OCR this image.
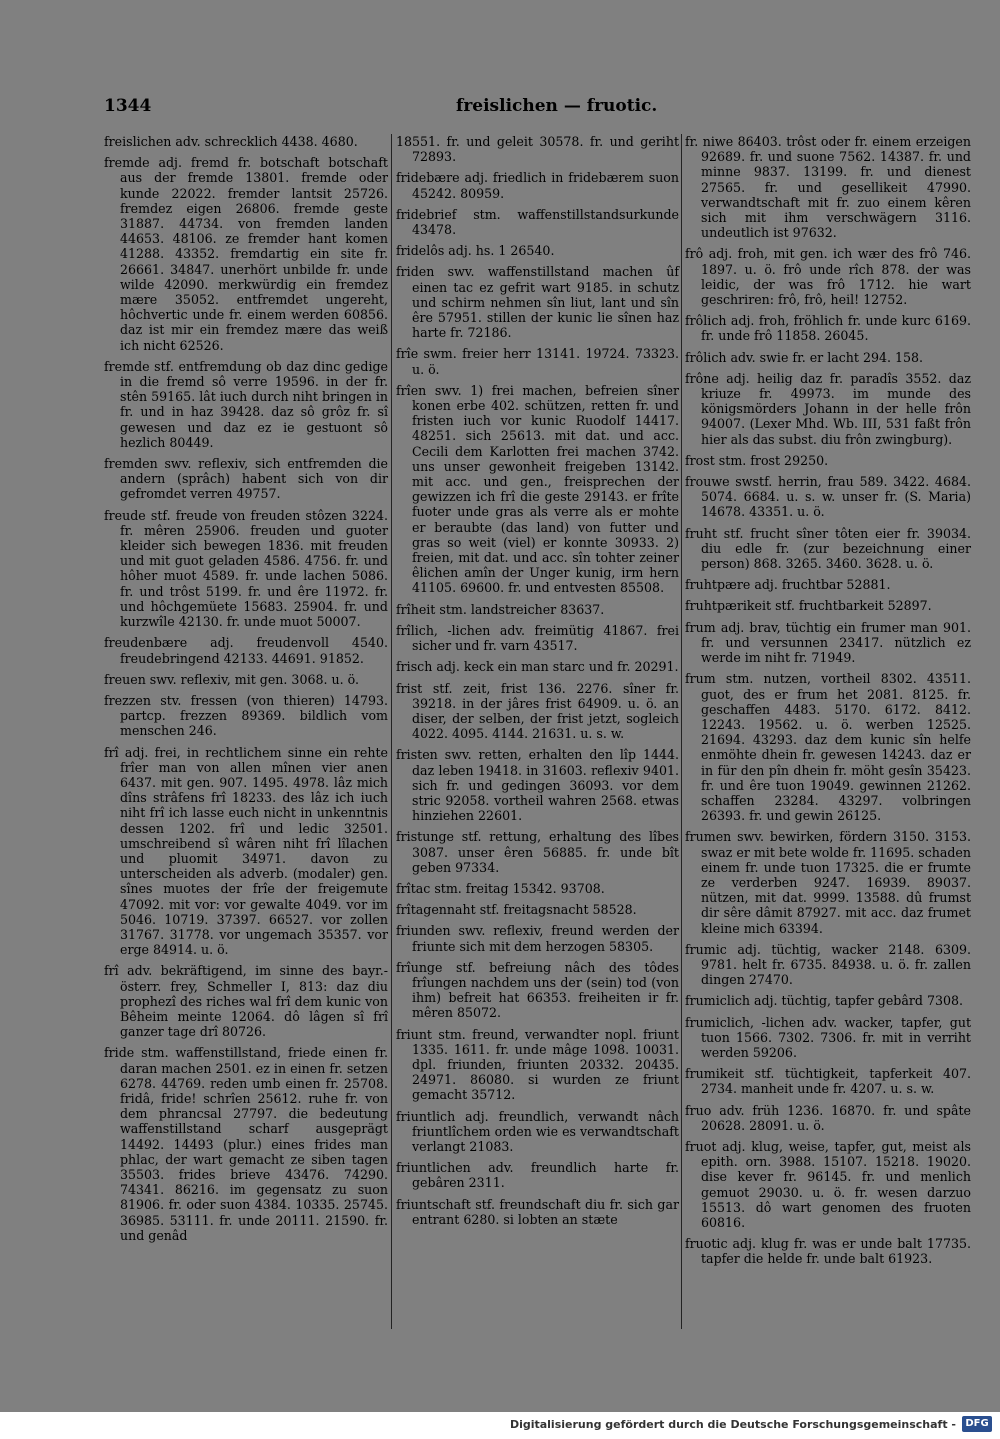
1344	freislichen — fruotic.

freislichen adv. schrecklich 4438. 4680.

fremde adj. fremd fr. botschaft botschaft aus der fremde 13801. fremde oder kunde 22022. fremder lantsit 25726. fremdez eigen 26806. fremde geste 31887. 44734. von fremden landen 44653. 48106. ze fremder hant komen 41288. 43352. fremdartig ein site fr. 26661. 34847. unerhört unbilde fr. unde wilde 42090. merkwürdig ein fremdez mære 35052. entfremdet ungereht, hôchvertic unde fr. einem werden 60856. daz ist mir ein fremdez mære das weiß ich nicht 62526.

fremde stf. entfremdung ob daz dinc gedige in die fremd sô verre 19596. in der fr. stên 59165. lât iuch durch niht bringen in fr. und in haz 39428. daz sô grôz fr. sî gewesen und daz ez ie gestuont sô hezlich 80449.

fremden swv. reflexiv, sich entfremden die andern (sprâch) habent sich von dir gefromdet verren 49757.

freude stf. freude von freuden stôzen 3224. fr. mêren 25906. freuden und guoter kleider sich bewegen 1836. mit freuden und mit guot geladen 4586. 4756. fr. und hôher muot 4589. fr. unde lachen 5086. fr. und trôst 5199. fr. und êre 11972. fr. und hôchgemüete 15683. 25904. fr. und kurzwîle 42130. fr. unde muot 50007.

freudenbære adj. freudenvoll 4540. freudebringend 42133. 44691. 91852.

freuen swv. reflexiv, mit gen. 3068. u. ö.

frezzen stv. fressen (von thieren) 14793. partcp. frezzen 89369. bildlich vom menschen 246.

frî adj. frei, in rechtlichem sinne ein rehte frîer man von allen mînen vier anen 6437. mit gen. 907. 1495. 4978. lâz mich dîns strâfens frî 18233. des lâz ich iuch niht frî ich lasse euch nicht in unkenntnis dessen 1202. frî und ledic 32501. umschreibend sî wâren niht frî lîlachen und pluomit 34971. davon zu unterscheiden als adverb. (modaler) gen. sînes muotes der frîe der freigemute 47092. mit vor: vor gewalte 4049. vor im 5046. 10719. 37397. 66527. vor zollen 31767. 31778. vor ungemach 35357. vor erge 84914. u. ö.

frî adv. bekräftigend, im sinne des bayr.-österr. frey, Schmeller I, 813: daz diu prophezî des riches wal frî dem kunic von Bêheim meinte 12064. dô lâgen sî frî ganzer tage drî 80726.

fride stm. waffenstillstand, friede einen fr. daran machen 2501. ez in einen fr. setzen 6278. 44769. reden umb einen fr. 25708. fridâ, fride! schrîen 25612. ruhe fr. von dem phrancsal 27797. die bedeutung waffenstillstand scharf ausgeprägt 14492. 14493 (plur.) eines frides man phlac, der wart gemacht ze siben tagen 35503. frides brieve 43476. 74290. 74341. 86216. im gegensatz zu suon 81906. fr. oder suon 4384. 10335. 25745. 36985. 53111. fr. unde 20111. 21590. fr. und genâd

18551. fr. und geleit 30578. fr. und geriht 72893.

fridebære adj. friedlich in fridebærem suon 45242. 80959.

fridebrief stm. waffenstillstandsurkunde 43478.

fridelôs adj. hs. 1 26540.

friden swv. waffenstillstand machen ûf einen tac ez gefrit wart 9185. in schutz und schirm nehmen sîn liut, lant und sîn êre 57951. stillen der kunic lie sînen haz harte fr. 72186.

frîe swm. freier herr 13141. 19724. 73323. u. ö.

frîen swv. 1) frei machen, befreien sîner konen erbe 402. schützen, retten fr. und fristen iuch vor kunic Ruodolf 14417. 48251. sich 25613. mit dat. und acc. Cecili dem Karlotten frei machen 3742. uns unser gewonheit freigeben 13142. mit acc. und gen., freisprechen der gewizzen ich frî die geste 29143. er frîte fuoter unde gras als verre als er mohte er beraubte (das land) von futter und gras so weit (viel) er konnte 30933. 2) freien, mit dat. und acc. sîn tohter zeiner êlichen amîn der Unger kunig, irm hern 41105. 69600. fr. und entvesten 85508.

frîheit stm. landstreicher 83637.

frîlich, -lichen adv. freimütig 41867. frei sicher und fr. varn 43517.

frisch adj. keck ein man starc und fr. 20291.

frist stf. zeit, frist 136. 2276. sîner fr. 39218. in der jâres frist 64909. u. ö. an diser, der selben, der frist jetzt, sogleich 4022. 4095. 4144. 21631. u. s. w.

fristen swv. retten, erhalten den lîp 1444. daz leben 19418. in 31603. reflexiv 9401. sich fr. und gedingen 36093. vor dem stric 92058. vortheil wahren 2568. etwas hinziehen 22601.

fristunge stf. rettung, erhaltung des lîbes 3087. unser êren 56885. fr. unde bît geben 97334.

frîtac stm. freitag 15342. 93708.

frîtagennaht stf. freitagsnacht 58528.

friunden swv. reflexiv, freund werden der friunte sich mit dem herzogen 58305.

frîunge stf. befreiung nâch des tôdes frîungen nachdem uns der (sein) tod (von ihm) befreit hat 66353. freiheiten ir fr. mêren 85072.

friunt stm. freund, verwandter nopl. friunt 1335. 1611. fr. unde mâge 1098. 10031. dpl. friunden, friunten 20332. 20435. 24971. 86080. si wurden ze friunt gemacht 35712.

friuntlich adj. freundlich, verwandt nâch friuntlîchem orden wie es verwandtschaft verlangt 21083.

friuntlichen adv. freundlich harte fr. gebâren 2311.

friuntschaft stf. freundschaft diu fr. sich gar entrant 6280. si lobten an stæte

fr. niwe 86403. trôst oder fr. einem erzeigen 92689. fr. und suone 7562. 14387. fr. und minne 9837. 13199. fr. und dienest 27565. fr. und gesellikeit 47990. verwandtschaft mit fr. zuo einem kêren sich mit ihm verschwägern 3116. undeutlich ist 97632.

frô adj. froh, mit gen. ich wær des frô 746. 1897. u. ö. frô unde rîch 878. der was leidic, der was frô 1712. hie wart geschriren: frô, frô, heil! 12752.

frôlich adj. froh, fröhlich fr. unde kurc 6169. fr. unde frô 11858. 26045.

frôlich adv. swie fr. er lacht 294. 158.

frône adj. heilig daz fr. paradîs 3552. daz kriuze fr. 49973. im munde des königsmörders Johann in der helle frôn 94007. (Lexer Mhd. Wb. III, 531 faßt frôn hier als das subst. diu frôn zwingburg).

frost stm. frost 29250.

frouwe swstf. herrin, frau 589. 3422. 4684. 5074. 6684. u. s. w. unser fr. (S. Maria) 14678. 43351. u. ö.

fruht stf. frucht sîner tôten eier fr. 39034. diu edle fr. (zur bezeichnung einer person) 868. 3265. 3460. 3628. u. ö.

fruhtpære adj. fruchtbar 52881.

fruhtpærikeit stf. fruchtbarkeit 52897.

frum adj. brav, tüchtig ein frumer man 901. fr. und versunnen 23417. nützlich ez werde im niht fr. 71949.

frum stm. nutzen, vortheil 8302. 43511. guot, des er frum het 2081. 8125. fr. geschaffen 4483. 5170. 6172. 8412. 12243. 19562. u. ö. werben 12525. 21694. 43293. daz dem kunic sîn helfe enmöhte dhein fr. gewesen 14243. daz er in für den pîn dhein fr. möht gesîn 35423. fr. und êre tuon 19049. gewinnen 21262. schaffen 23284. 43297. volbringen 26393. fr. und gewin 26125.

frumen swv. bewirken, fördern 3150. 3153. swaz er mit bete wolde fr. 11695. schaden einem fr. unde tuon 17325. die er frumte ze verderben 9247. 16939. 89037. nützen, mit dat. 9999. 13588. dû frumst dir sêre dâmit 87927. mit acc. daz frumet kleine mich 63394.

frumic adj. tüchtig, wacker 2148. 6309. 9781. helt fr. 6735. 84938. u. ö. fr. zallen dingen 27470.

frumiclich adj. tüchtig, tapfer gebârd 7308.

frumiclich, -lichen adv. wacker, tapfer, gut tuon 1566. 7302. 7306. fr. mit in verriht werden 59206.

frumikeit stf. tüchtigkeit, tapferkeit 407. 2734. manheit unde fr. 4207. u. s. w.

fruo adv. früh 1236. 16870. fr. und spâte 20628. 28091. u. ö.

fruot adj. klug, weise, tapfer, gut, meist als epith. orn. 3988. 15107. 15218. 19020. dise kever fr. 96145. fr. und menlich gemuot 29030. u. ö. fr. wesen darzuo 15513. dô wart genomen des fruoten 60816.

fruotic adj. klug fr. was er unde balt 17735. tapfer die helde fr. unde balt 61923.

Digitalisierung gefördert durch die Deutsche Forschungsgemeinschaft - DFG
